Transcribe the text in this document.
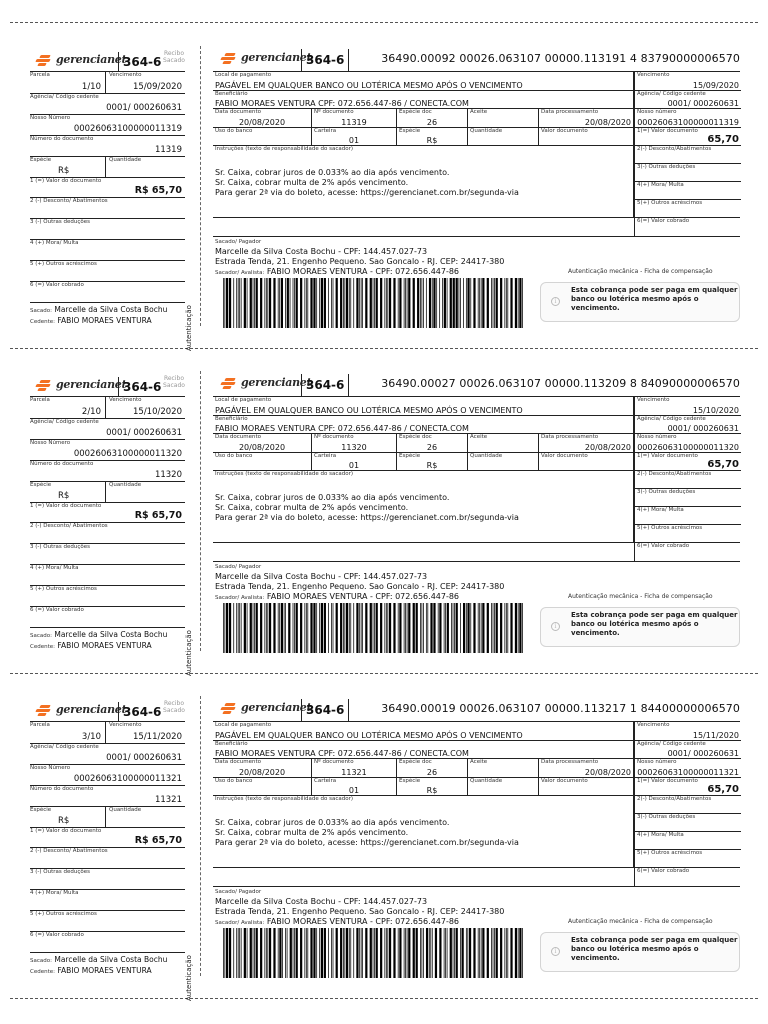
gerencianet
364-6
Recibo
Sacado
Parcela	Vencimento
1/10	15/09/2020
Agência/ Código cedente
0001/ 000260631
Nosso Número
00026063100000011319
Número do documento
11319
Espécie	Quantidade
R$
1 (=) Valor do documento
R$ 65,70
2 (-) Desconto/ Abatimentos
3 (-) Outras deduções
4 (+) Mora/ Multa
5 (+) Outros acréscimos
6 (=) Valor cobrado
Sacado: Marcelle da Silva Costa Bochu
Cedente: FABIO MORAES VENTURA	Autenticação
gerencianet
364-6	36490.00092 00026.063107 00000.113191 4 83790000006570
Local de pagamento
PAGÁVEL EM QUALQUER BANCO OU LOTÉRICA MESMO APÓS O VENCIMENTO
Beneficiário
FABIO MORAES VENTURA CPF: 072.656.447-86 / CONECTA.COM
Data documento
20/08/2020
Nº documento
11319
Espécie doc
26
Aceite	Data processamento
20/08/2020
Uso do banco	Carteira
01
Espécie
R$
Quantidade	Valor documento
Instruções (texto de responsabilidade do sacador)
Sr. Caixa, cobrar juros de 0.033% ao dia após vencimento.
Sr. Caixa, cobrar multa de 2% após vencimento.
Para gerar 2ª via do boleto, acesse: https://gerencianet.com.br/segunda-via
Vencimento
15/09/2020
Agência/ Código cedente
0001/ 000260631
Nosso número
00026063100000011319
1(=) Valor documento
65,70
2(-) Desconto/Abatimentos
3(-) Outras deduções
4(+) Mora/ Multa
5(+) Outros acréscimos
6(=) Valor cobrado
Sacado/ Pagador
Marcelle da Silva Costa Bochu - CPF: 144.457.027-73
Estrada Tenda, 21. Engenho Pequeno. Sao Goncalo - RJ. CEP: 24417-380
Sacador/ Avalista: FABIO MORAES VENTURA - CPF: 072.656.447-86	Autenticação mecânica - Ficha de compensação
i
Esta cobrança pode ser paga em qualquer banco ou lotérica mesmo após o vencimento.
gerencianet
364-6
Recibo
Sacado
Parcela	Vencimento
2/10	15/10/2020
Agência/ Código cedente
0001/ 000260631
Nosso Número
00026063100000011320
Número do documento
11320
Espécie	Quantidade
R$
1 (=) Valor do documento
R$ 65,70
2 (-) Desconto/ Abatimentos
3 (-) Outras deduções
4 (+) Mora/ Multa
5 (+) Outros acréscimos
6 (=) Valor cobrado
Sacado: Marcelle da Silva Costa Bochu
Cedente: FABIO MORAES VENTURA	Autenticação
gerencianet
364-6	36490.00027 00026.063107 00000.113209 8 84090000006570
Local de pagamento
PAGÁVEL EM QUALQUER BANCO OU LOTÉRICA MESMO APÓS O VENCIMENTO
Beneficiário
FABIO MORAES VENTURA CPF: 072.656.447-86 / CONECTA.COM
Data documento
20/08/2020
Nº documento
11320
Espécie doc
26
Aceite	Data processamento
20/08/2020
Uso do banco	Carteira
01
Espécie
R$
Quantidade	Valor documento
Instruções (texto de responsabilidade do sacador)
Sr. Caixa, cobrar juros de 0.033% ao dia após vencimento.
Sr. Caixa, cobrar multa de 2% após vencimento.
Para gerar 2ª via do boleto, acesse: https://gerencianet.com.br/segunda-via
Vencimento
15/10/2020
Agência/ Código cedente
0001/ 000260631
Nosso número
00026063100000011320
1(=) Valor documento
65,70
2(-) Desconto/Abatimentos
3(-) Outras deduções
4(+) Mora/ Multa
5(+) Outros acréscimos
6(=) Valor cobrado
Sacado/ Pagador
Marcelle da Silva Costa Bochu - CPF: 144.457.027-73
Estrada Tenda, 21. Engenho Pequeno. Sao Goncalo - RJ. CEP: 24417-380
Sacador/ Avalista: FABIO MORAES VENTURA - CPF: 072.656.447-86	Autenticação mecânica - Ficha de compensação
i
Esta cobrança pode ser paga em qualquer banco ou lotérica mesmo após o vencimento.
gerencianet
364-6
Recibo
Sacado
Parcela	Vencimento
3/10	15/11/2020
Agência/ Código cedente
0001/ 000260631
Nosso Número
00026063100000011321
Número do documento
11321
Espécie	Quantidade
R$
1 (=) Valor do documento
R$ 65,70
2 (-) Desconto/ Abatimentos
3 (-) Outras deduções
4 (+) Mora/ Multa
5 (+) Outros acréscimos
6 (=) Valor cobrado
Sacado: Marcelle da Silva Costa Bochu
Cedente: FABIO MORAES VENTURA	Autenticação
gerencianet
364-6	36490.00019 00026.063107 00000.113217 1 84400000006570
Local de pagamento
PAGÁVEL EM QUALQUER BANCO OU LOTÉRICA MESMO APÓS O VENCIMENTO
Beneficiário
FABIO MORAES VENTURA CPF: 072.656.447-86 / CONECTA.COM
Data documento
20/08/2020
Nº documento
11321
Espécie doc
26
Aceite	Data processamento
20/08/2020
Uso do banco	Carteira
01
Espécie
R$
Quantidade	Valor documento
Instruções (texto de responsabilidade do sacador)
Sr. Caixa, cobrar juros de 0.033% ao dia após vencimento.
Sr. Caixa, cobrar multa de 2% após vencimento.
Para gerar 2ª via do boleto, acesse: https://gerencianet.com.br/segunda-via
Vencimento
15/11/2020
Agência/ Código cedente
0001/ 000260631
Nosso número
00026063100000011321
1(=) Valor documento
65,70
2(-) Desconto/Abatimentos
3(-) Outras deduções
4(+) Mora/ Multa
5(+) Outros acréscimos
6(=) Valor cobrado
Sacado/ Pagador
Marcelle da Silva Costa Bochu - CPF: 144.457.027-73
Estrada Tenda, 21. Engenho Pequeno. Sao Goncalo - RJ. CEP: 24417-380
Sacador/ Avalista: FABIO MORAES VENTURA - CPF: 072.656.447-86	Autenticação mecânica - Ficha de compensação
i
Esta cobrança pode ser paga em qualquer banco ou lotérica mesmo após o vencimento.
